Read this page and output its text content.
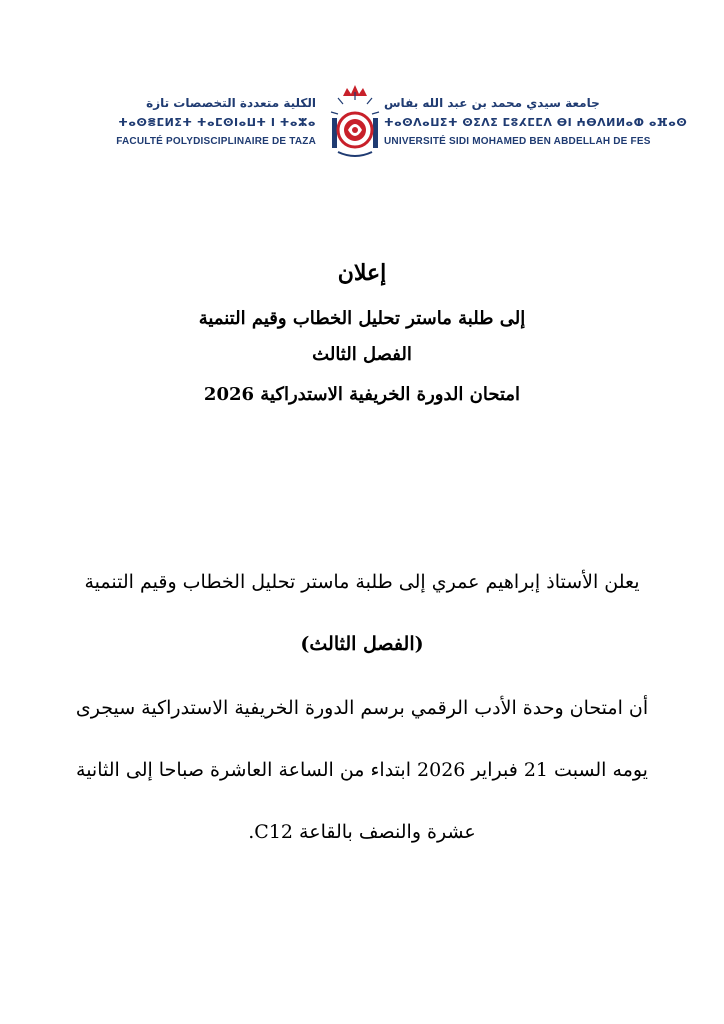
الكلية متعددة التخصصات تازة
ⵜⴰⵙⴻⵎⵍⵉⵜ ⵜⴰⵎⵙⵏⴰⵡⵜ ⵏ ⵜⴰⵣⴰ
FACULTÉ POLYDISCIPLINAIRE DE TAZA
جامعة سيدي محمد بن عبد الله بفاس
ⵜⴰⵙⴷⴰⵡⵉⵜ ⵙⵉⴷⵉ ⵎⵓⵃⵎⵎⴷ ⴱⵏ ⵄⴱⴷⵍⵍⴰⵀ ⴰⴼⴰⵙ
UNIVERSITÉ SIDI MOHAMED BEN ABDELLAH DE FES
إعلان
إلى طلبة ماستر تحليل الخطاب وقيم التنمية
الفصل الثالث
امتحان الدورة الخريفية الاستدراكية 2026
يعلن الأستاذ إبراهيم عمري إلى طلبة ماستر تحليل الخطاب وقيم التنمية
(الفصل الثالث)
أن امتحان وحدة الأدب الرقمي برسم الدورة الخريفية الاستدراكية سيجرى
يومه السبت 21 فبراير 2026 ابتداء من الساعة العاشرة صباحا إلى الثانية
عشرة والنصف بالقاعة C12.
